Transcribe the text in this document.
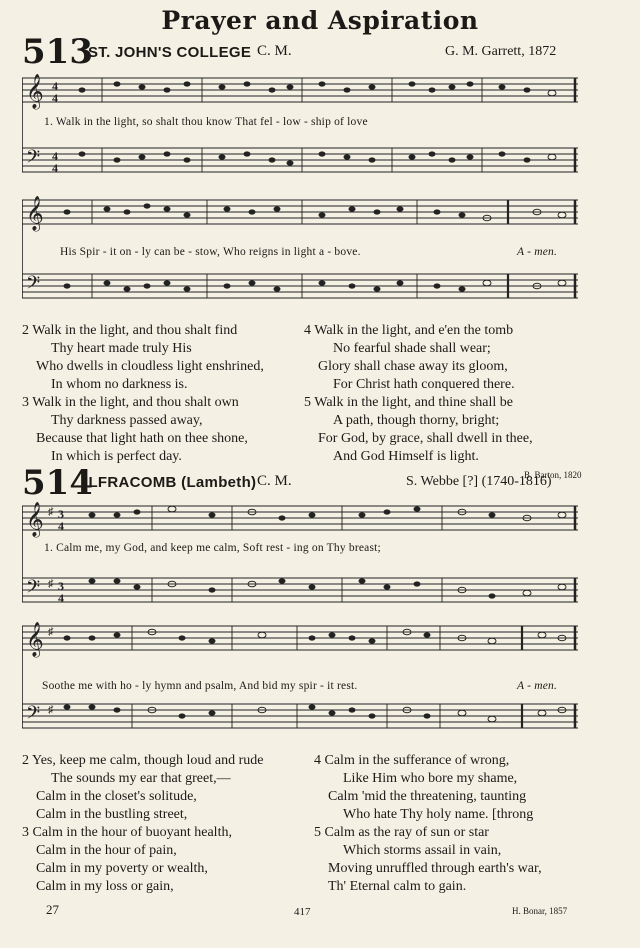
Prayer and Aspiration
513
ST. JOHN'S COLLEGE C. M.	G. M. Garrett, 1872
𝄞 4
4
𝄢 4
4
1. Walk in the light, so shalt thou know That fel - low - ship of love
𝄞
𝄢
His Spir - it on - ly can be - stow, Who reigns in light a - bove.	A - men.
2 Walk in the light, and thou shalt find
Thy heart made truly His
Who dwells in cloudless light enshrined,
In whom no darkness is.
3 Walk in the light, and thou shalt own
Thy darkness passed away,
Because that light hath on thee shone,
In which is perfect day.
4 Walk in the light, and e'en the tomb
No fearful shade shall wear;
Glory shall chase away its gloom,
For Christ hath conquered there.
5 Walk in the light, and thine shall be
A path, though thorny, bright;
For God, by grace, shall dwell in thee,
And God Himself is light.
B. Barton, 1820
514
ILFRACOMB (Lambeth) C. M.	S. Webbe [?] (1740-1816)
𝄞 ♯ 3
4
𝄢 ♯ 3
4
1. Calm me, my God, and keep me calm, Soft rest - ing on Thy breast;
𝄞 ♯
𝄢 ♯
Soothe me with ho - ly hymn and psalm, And bid my spir - it rest.	A - men.
2 Yes, keep me calm, though loud and rude
The sounds my ear that greet,—
Calm in the closet's solitude,
Calm in the bustling street,
3 Calm in the hour of buoyant health,
Calm in the hour of pain,
Calm in my poverty or wealth,
Calm in my loss or gain,
4 Calm in the sufferance of wrong,
Like Him who bore my shame,
Calm 'mid the threatening, taunting
Who hate Thy holy name. [throng
5 Calm as the ray of sun or star
Which storms assail in vain,
Moving unruffled through earth's war,
Th' Eternal calm to gain.
27	417	H. Bonar, 1857
